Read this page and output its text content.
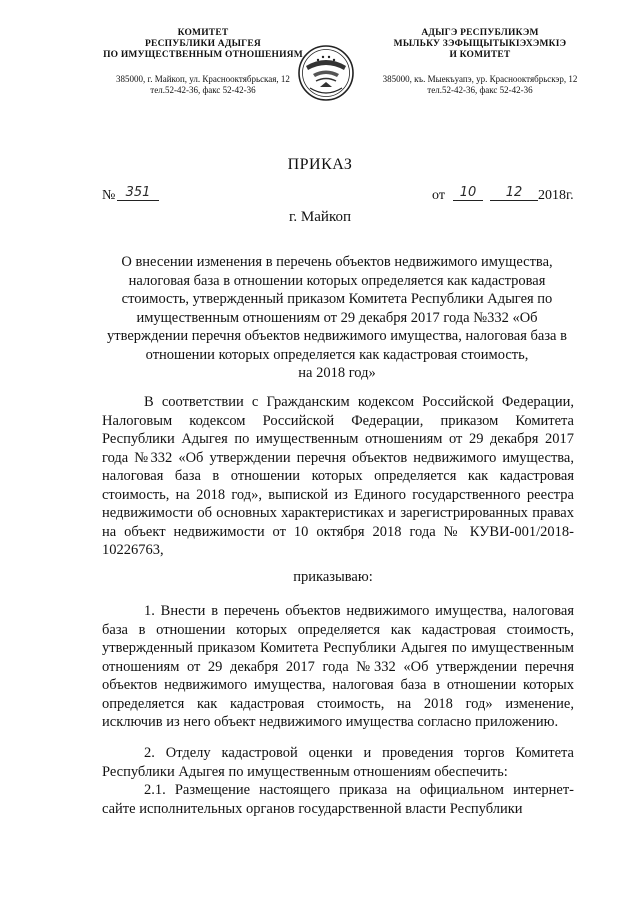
КОМИТЕТ
РЕСПУБЛИКИ АДЫГЕЯ
ПО ИМУЩЕСТВЕННЫМ ОТНОШЕНИЯМ
385000, г. Майкоп, ул. Краснооктябрьская, 12
тел.52-42-36, факс 52-42-36
АДЫГЭ РЕСПУБЛИКЭМ
МЫЛЬКУ ЗЭФЫЩЫТЫКIЭХЭМКIЭ
И КОМИТЕТ
385000, къ. Мыекъуапэ, ур. Краснооктябрьскэр, 12
тел.52-42-36, факс 52-42-36
ПРИКАЗ
№ 351	от	10	12	2018г.
г. Майкоп
О внесении изменения в перечень объектов недвижимого имущества,
налоговая база в отношении которых определяется как кадастровая
стоимость, утвержденный приказом Комитета Республики Адыгея по
имущественным отношениям от 29 декабря 2017 года №332 «Об
утверждении перечня объектов недвижимого имущества, налоговая база в
отношении которых определяется как кадастровая стоимость,
на 2018 год»
В соответствии с Гражданским кодексом Российской Федерации, Налоговым кодексом Российской Федерации, приказом Комитета Республики Адыгея по имущественным отношениям от 29 декабря 2017 года №332 «Об утверждении перечня объектов недвижимого имущества, налоговая база в отношении которых определяется как кадастровая стоимость, на 2018 год», выпиской из Единого государственного реестра недвижимости об основных характеристиках и зарегистрированных правах на объект недвижимости от 10 октября 2018 года № КУВИ-001/2018-10226763,
приказываю:
1. Внести в перечень объектов недвижимого имущества, налоговая база в отношении которых определяется как кадастровая стоимость, утвержденный приказом Комитета Республики Адыгея по имущественным отношениям от 29 декабря 2017 года №332 «Об утверждении перечня объектов недвижимого имущества, налоговая база в отношении которых определяется как кадастровая стоимость, на 2018 год» изменение, исключив из него объект недвижимого имущества согласно приложению.
2. Отделу кадастровой оценки и проведения торгов Комитета Республики Адыгея по имущественным отношениям обеспечить:
2.1. Размещение настоящего приказа на официальном интернет-сайте исполнительных органов государственной власти Республики
